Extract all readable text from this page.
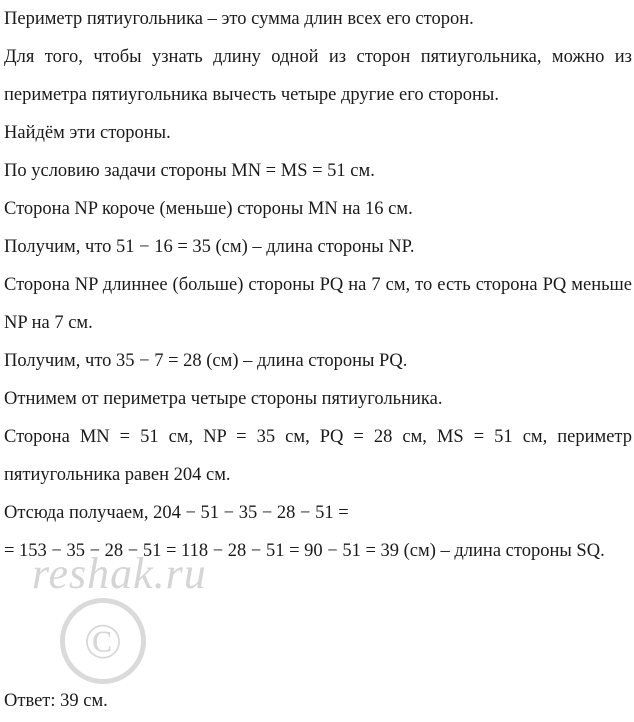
Периметр пятиугольника – это сумма длин всех его сторон.
Для того, чтобы узнать длину одной из сторон пятиугольника, можно из периметра пятиугольника вычесть четыре другие его стороны.
Найдём эти стороны.
По условию задачи стороны MN = MS = 51 см.
Сторона NP короче (меньше) стороны MN на 16 см.
Получим, что 51 − 16 = 35 (см) – длина стороны NP.
Сторона NP длиннее (больше) стороны PQ на 7 см, то есть сторона PQ меньше NP на 7 см.
Получим, что 35 − 7 = 28 (см) – длина стороны PQ.
Отнимем от периметра четыре стороны пятиугольника.
Сторона MN = 51 см, NP = 35 см, PQ = 28 см, MS = 51 см, периметр пятиугольника равен 204 см.
Отсюда получаем, 204 − 51 − 35 − 28 − 51 =
= 153 − 35 − 28 − 51 = 118 − 28 − 51 = 90 − 51 = 39 (см) – длина стороны SQ.
Ответ: 39 см.
reshak.ru
©
